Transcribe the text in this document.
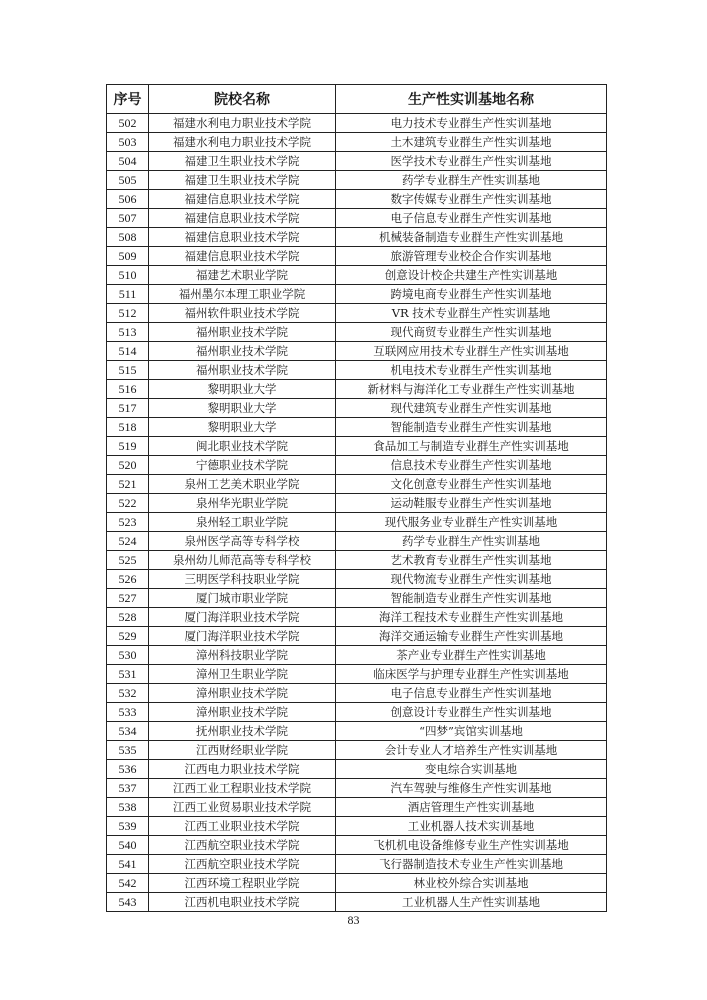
序号	院校名称	生产性实训基地名称
502	福建水利电力职业技术学院	电力技术专业群生产性实训基地
503	福建水利电力职业技术学院	土木建筑专业群生产性实训基地
504	福建卫生职业技术学院	医学技术专业群生产性实训基地
505	福建卫生职业技术学院	药学专业群生产性实训基地
506	福建信息职业技术学院	数字传媒专业群生产性实训基地
507	福建信息职业技术学院	电子信息专业群生产性实训基地
508	福建信息职业技术学院	机械装备制造专业群生产性实训基地
509	福建信息职业技术学院	旅游管理专业校企合作实训基地
510	福建艺术职业学院	创意设计校企共建生产性实训基地
511	福州墨尔本理工职业学院	跨境电商专业群生产性实训基地
512	福州软件职业技术学院	VR 技术专业群生产性实训基地
513	福州职业技术学院	现代商贸专业群生产性实训基地
514	福州职业技术学院	互联网应用技术专业群生产性实训基地
515	福州职业技术学院	机电技术专业群生产性实训基地
516	黎明职业大学	新材料与海洋化工专业群生产性实训基地
517	黎明职业大学	现代建筑专业群生产性实训基地
518	黎明职业大学	智能制造专业群生产性实训基地
519	闽北职业技术学院	食品加工与制造专业群生产性实训基地
520	宁德职业技术学院	信息技术专业群生产性实训基地
521	泉州工艺美术职业学院	文化创意专业群生产性实训基地
522	泉州华光职业学院	运动鞋服专业群生产性实训基地
523	泉州轻工职业学院	现代服务业专业群生产性实训基地
524	泉州医学高等专科学校	药学专业群生产性实训基地
525	泉州幼儿师范高等专科学校	艺术教育专业群生产性实训基地
526	三明医学科技职业学院	现代物流专业群生产性实训基地
527	厦门城市职业学院	智能制造专业群生产性实训基地
528	厦门海洋职业技术学院	海洋工程技术专业群生产性实训基地
529	厦门海洋职业技术学院	海洋交通运输专业群生产性实训基地
530	漳州科技职业学院	茶产业专业群生产性实训基地
531	漳州卫生职业学院	临床医学与护理专业群生产性实训基地
532	漳州职业技术学院	电子信息专业群生产性实训基地
533	漳州职业技术学院	创意设计专业群生产性实训基地
534	抚州职业技术学院	“四梦”宾馆实训基地
535	江西财经职业学院	会计专业人才培养生产性实训基地
536	江西电力职业技术学院	变电综合实训基地
537	江西工业工程职业技术学院	汽车驾驶与维修生产性实训基地
538	江西工业贸易职业技术学院	酒店管理生产性实训基地
539	江西工业职业技术学院	工业机器人技术实训基地
540	江西航空职业技术学院	飞机机电设备维修专业生产性实训基地
541	江西航空职业技术学院	飞行器制造技术专业生产性实训基地
542	江西环境工程职业学院	林业校外综合实训基地
543	江西机电职业技术学院	工业机器人生产性实训基地
83
